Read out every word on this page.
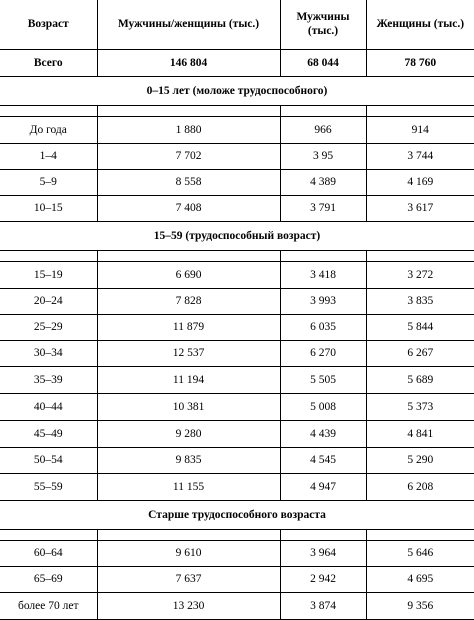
Возраст	Мужчины/женщины (тыс.)	Мужчины (тыс.)	Женщины (тыс.)
Всего	146 804	68 044	78 760
0–15 лет (моложе трудоспособного)			

До года	1 880	966	914
1–4	7 702	3 95	3 744
5–9	8 558	4 389	4 169
10–15	7 408	3 791	3 617
15–59 (трудоспособный возраст)			

15–19	6 690	3 418	3 272
20–24	7 828	3 993	3 835
25–29	11 879	6 035	5 844
30–34	12 537	6 270	6 267
35–39	11 194	5 505	5 689
40–44	10 381	5 008	5 373
45–49	9 280	4 439	4 841
50–54	9 835	4 545	5 290
55–59	11 155	4 947	6 208
Старше трудоспособного возраста			

60–64	9 610	3 964	5 646
65–69	7 637	2 942	4 695
более 70 лет	13 230	3 874	9 356
